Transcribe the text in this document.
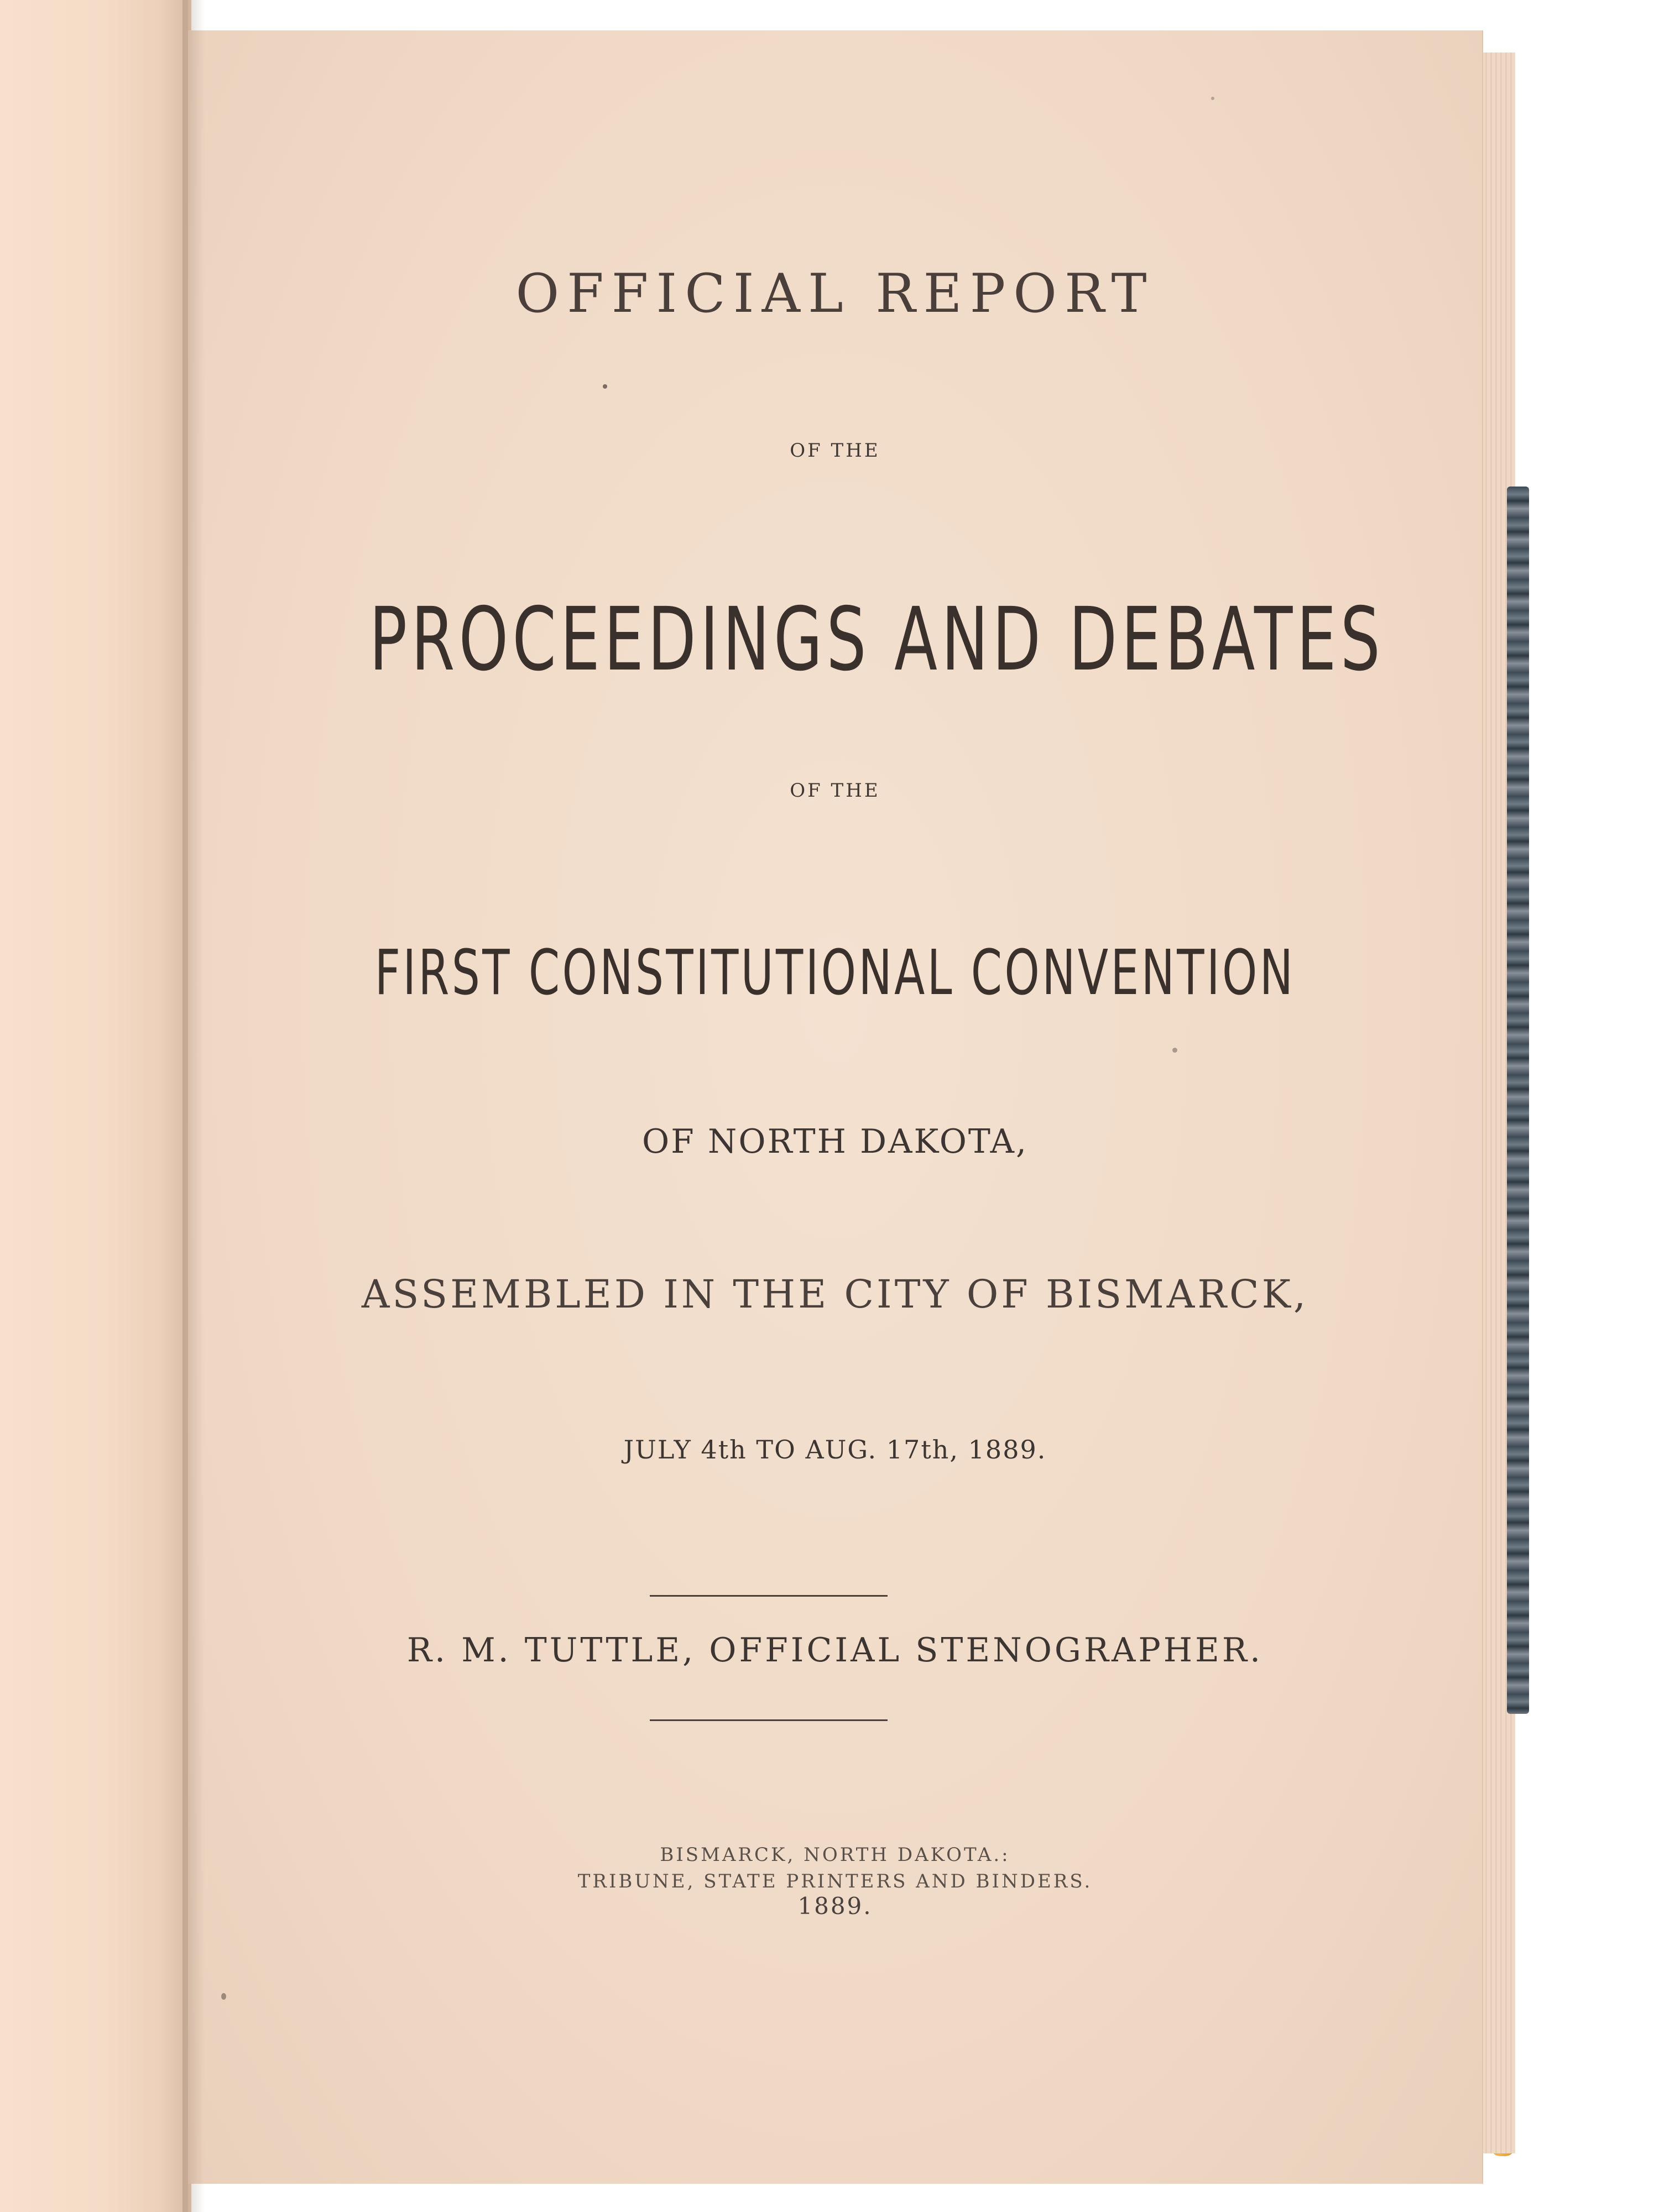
OFFICIAL REPORT
OF THE
PROCEEDINGS AND DEBATES
OF THE
FIRST CONSTITUTIONAL CONVENTION
OF NORTH DAKOTA,
ASSEMBLED IN THE CITY OF BISMARCK,
JULY 4th TO AUG. 17th, 1889.
R. M. TUTTLE, OFFICIAL STENOGRAPHER.
BISMARCK, NORTH DAKOTA.:
TRIBUNE, STATE PRINTERS AND BINDERS.
1889.
